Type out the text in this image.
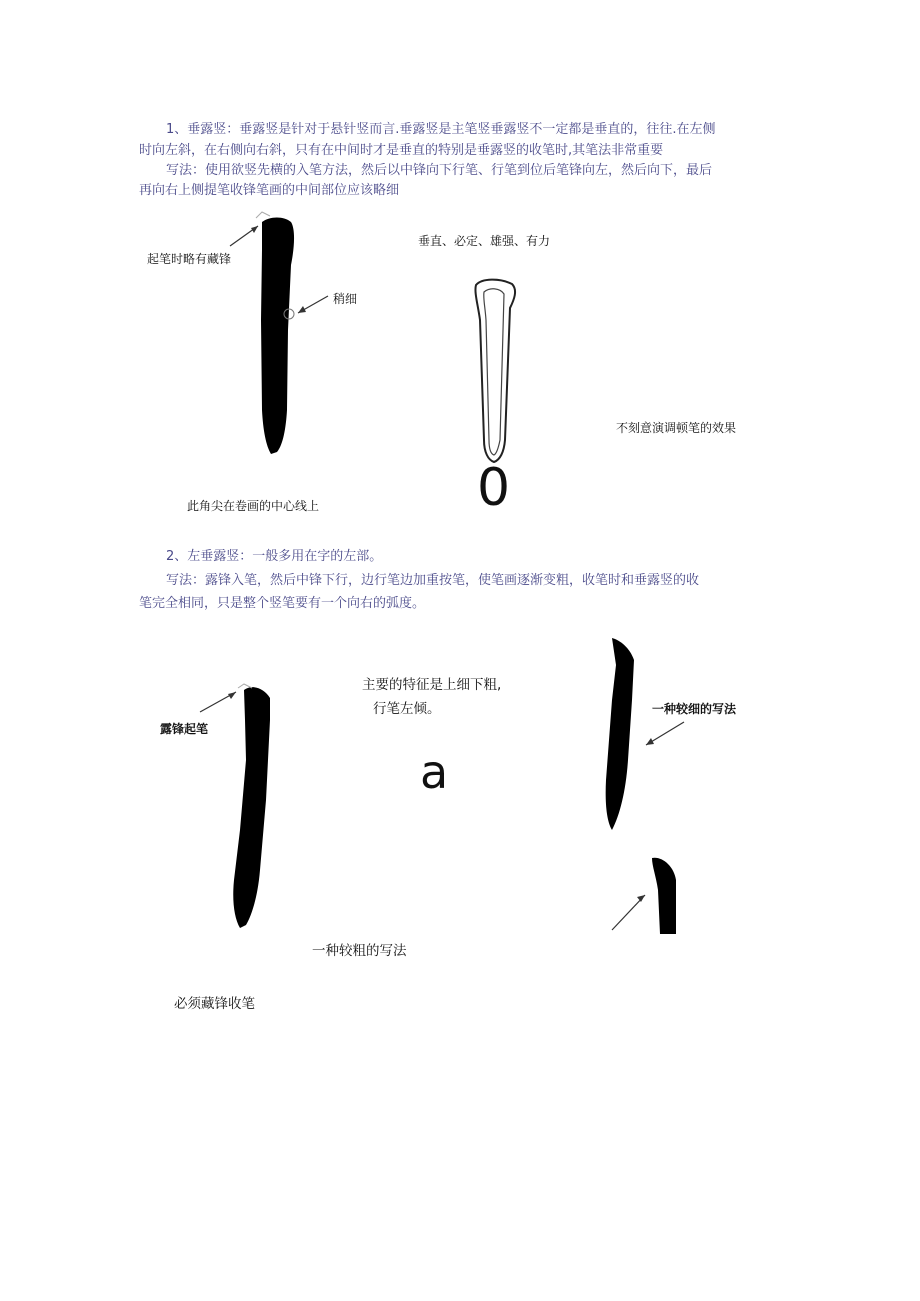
1、垂露竖：垂露竖是针对于悬针竖而言.垂露竖是主笔竖垂露竖不一定都是垂直的，往往.在左侧
时向左斜，在右侧向右斜，只有在中间时才是垂直的特别是垂露竖的收笔时,其笔法非常重要
写法：使用欲竖先横的入笔方法，然后以中锋向下行笔、行笔到位后笔锋向左，然后向下，最后
再向右上侧提笔收锋笔画的中间部位应该略细
起笔时略有藏锋
稍细
垂直、必定、雄强、有力
不刻意演调顿笔的效果
此角尖在卷画的中心线上	0
2、左垂露竖：一般多用在字的左部。
写法：露锋入笔，然后中锋下行，边行笔边加重按笔，使笔画逐渐变粗，收笔时和垂露竖的收
笔完全相同，只是整个竖笔要有一个向右的弧度。
露锋起笔
主要的特征是上细下粗,
行笔左倾。
a
一种较细的写法
一种较粗的写法
必须藏锋收笔
